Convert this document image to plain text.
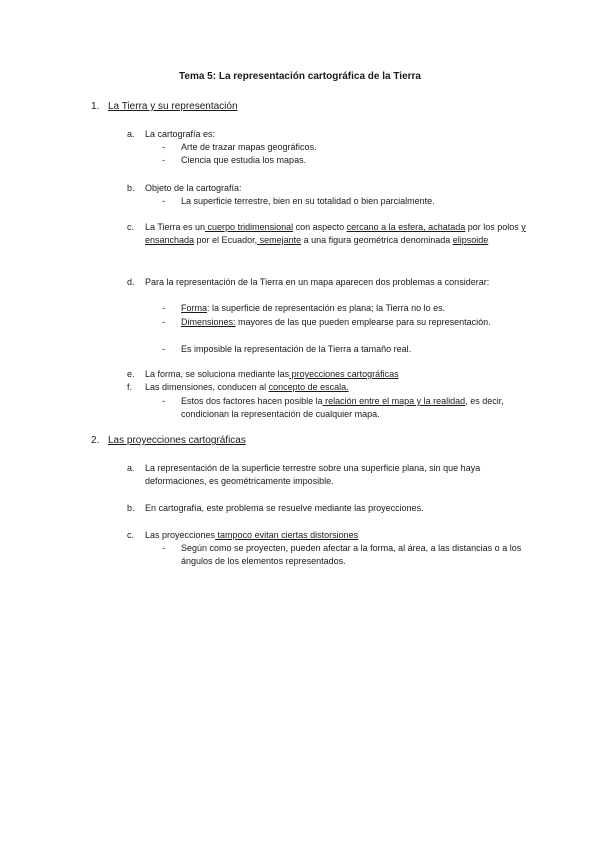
Tema 5: La representación cartográfica de la Tierra
1. La Tierra y su representación
a. La cartografía es:
- Arte de trazar mapas geográficos.
- Ciencia que estudia los mapas.
b. Objeto de la cartografía:
- La superficie terrestre, bien en su totalidad o bien parcialmente.
c. La Tierra es un cuerpo tridimensional con aspecto cercano a la esfera, achatada por los polos y ensanchada por el Ecuador, semejante a una figura geométrica denominada elipsoide
d. Para la representación de la Tierra en un mapa aparecen dos problemas a considerar:
- Forma: la superficie de representación es plana; la Tierra no lo es.
- Dimensiones: mayores de las que pueden emplearse para su representación.
- Es imposible la representación de la Tierra a tamaño real.
e. La forma, se soluciona mediante las proyecciones cartográficas
f. Las dimensiones, conducen al concepto de escala.
- Estos dos factores hacen posible la relación entre el mapa y la realidad, es decir, condicionan la representación de cualquier mapa.
2. Las proyecciones cartográficas
a. La representación de la superficie terrestre sobre una superficie plana, sin que haya deformaciones, es geométricamente imposible.
b. En cartografía, este problema se resuelve mediante las proyecciones.
c. Las proyecciones tampoco evitan ciertas distorsiones
- Según como se proyecten, pueden afectar a la forma, al área, a las distancias o a los ángulos de los elementos representados.
